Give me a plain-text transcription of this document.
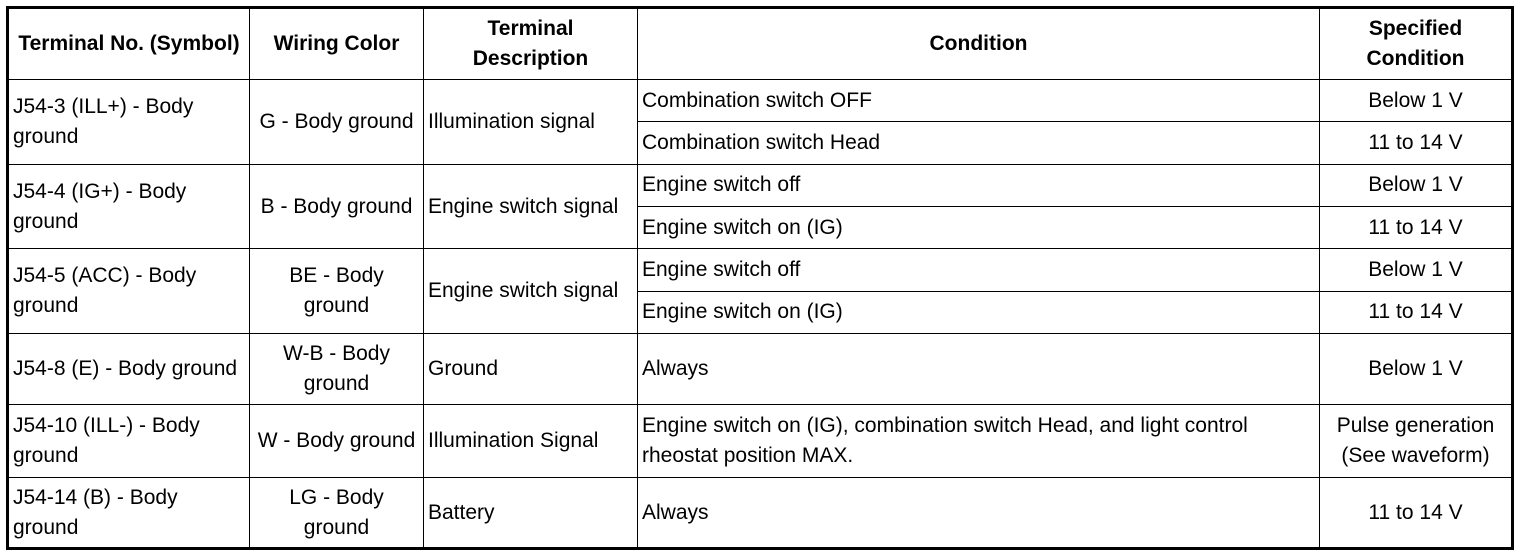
Terminal No. (Symbol)	Wiring Color	Terminal Description	Condition	Specified Condition
J54-3 (ILL+) - Body ground	G - Body ground	Illumination signal	Combination switch OFF	Below 1 V
			Combination switch Head	11 to 14 V
J54-4 (IG+) - Body ground	B - Body ground	Engine switch signal	Engine switch off	Below 1 V
			Engine switch on (IG)	11 to 14 V
J54-5 (ACC) - Body ground	BE - Body ground	Engine switch signal	Engine switch off	Below 1 V
			Engine switch on (IG)	11 to 14 V
J54-8 (E) - Body ground	W-B - Body ground	Ground	Always	Below 1 V
J54-10 (ILL-) - Body ground	W - Body ground	Illumination Signal	Engine switch on (IG), combination switch Head, and light control rheostat position MAX.	Pulse generation (See waveform)
J54-14 (B) - Body ground	LG - Body ground	Battery	Always	11 to 14 V
